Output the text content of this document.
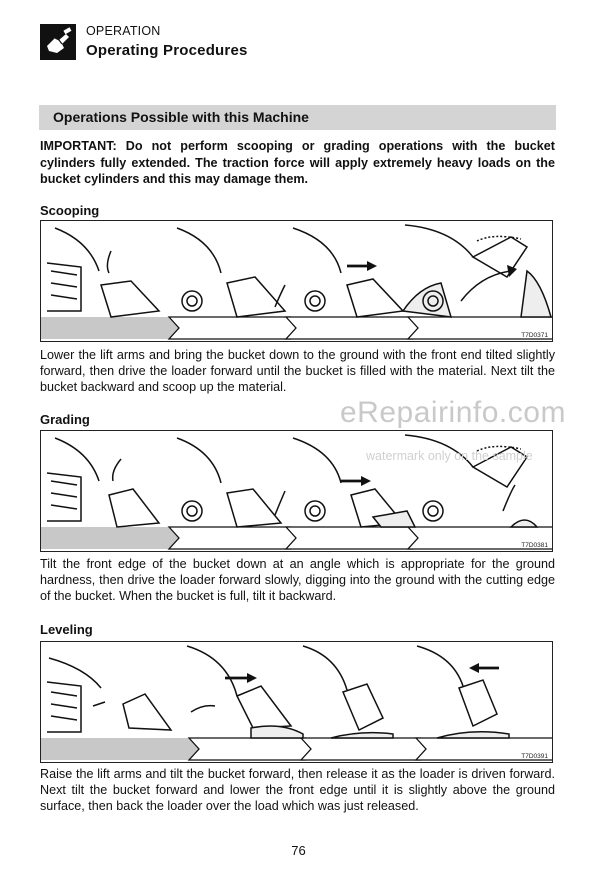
OPERATION
Operating Procedures
Operations Possible with this Machine
IMPORTANT: Do not perform scooping or grading operations with the bucket cylinders fully extended. The traction force will apply extremely heavy loads on the bucket cylinders and this may damage them.
Scooping
T7D0371
Lower the lift arms and bring the bucket down to the ground with the front end tilted slightly forward, then drive the loader forward until the bucket is filled with the material. Next tilt the bucket backward and scoop up the material.
Grading
T7D0381
Tilt the front edge of the bucket down at an angle which is appropriate for the ground hardness, then drive the loader forward slowly, digging into the ground with the cutting edge of the bucket. When the bucket is full, tilt it backward.
Leveling
T7D0391
Raise the lift arms and tilt the bucket forward, then release it as the loader is driven forward. Next tilt the bucket forward and lower the front edge until it is slightly above the ground surface, then back the loader over the load which was just released.
eRepairinfo.com
watermark only on the sample
76
